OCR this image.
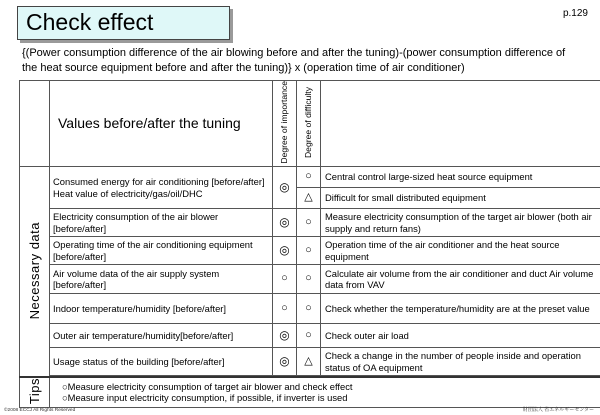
Check effect	p.129
{(Power consumption difference of the air blowing before and after the tuning)-(power consumption difference of the heat source equipment before and after the tuning)} x (operation time of air conditioner)
	Values before/after the tuning	Degree of importance	Degree of difficulty	
Necessary data	Consumed energy for air conditioning [before/after] Heat value of electricity/gas/oil/DHC	◎	○	Central control large-sized heat source equipment
			△	Difficult for small distributed equipment
	Electricity consumption of the air blower [before/after]	◎	○	Measure electricity consumption of the target air blower (both air supply and return fans)
	Operating time of the air conditioning equipment [before/after]	◎	○	Operation time of the air conditioner and the heat source equipment
	Air volume data of the air supply system [before/after]	○	○	Calculate air volume from the air conditioner and duct Air volume data from VAV
	Indoor temperature/humidity [before/after]	○	○	Check whether the temperature/humidity are at the preset value
	Outer air temperature/humidity[before/after]	◎	○	Check outer air load
	Usage status of the building [before/after]	◎	△	Check a change in the number of people inside and operation status of OA equipment

Tips	○Measure electricity consumption of target air blower and check effect
○Measure input electricity consumption, if possible, if inverter is used			
©2008 ECCJ All Rights Reserved	財団法人 省エネルギーセンター
